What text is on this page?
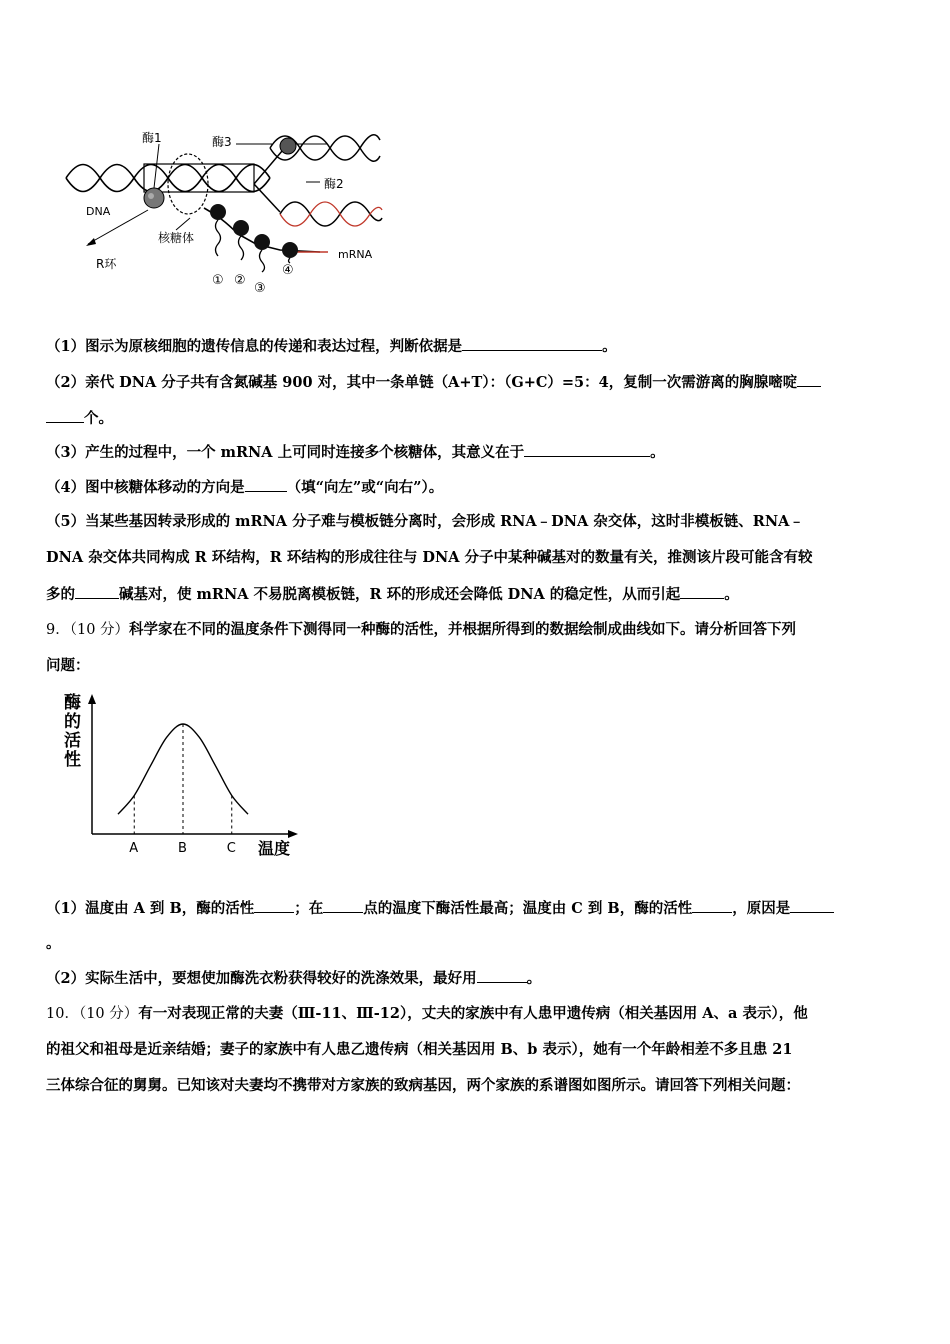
酶1	酶3
酶2
DNA
核糖体
R环
mRNA
① ②
③
④
（1）图示为原核细胞的遗传信息的传递和表达过程，判断依据是	。
（2）亲代 DNA 分子共有含氮碱基 900 对，其中一条单链（A+T）：（G+C）=5：4，复制一次需游离的胸腺嘧啶
个。
（3）产生的过程中，一个 mRNA 上可同时连接多个核糖体，其意义在于	。
（4）图中核糖体移动的方向是	（填“向左”或“向右”）。
（5）当某些基因转录形成的 mRNA 分子难与模板链分离时，会形成 RNA﹣DNA 杂交体，这时非模板链、RNA﹣
DNA 杂交体共同构成 R 环结构，R 环结构的形成往往与 DNA 分子中某种碱基对的数量有关，推测该片段可能含有较
多的	碱基对，使 mRNA 不易脱离模板链，R 环的形成还会降低 DNA 的稳定性，从而引起	。
9．（10 分）科学家在不同的温度条件下测得同一种酶的活性，并根据所得到的数据绘制成曲线如下。请分析回答下列
问题：
酶
的
活
性
温度
A	B	C
（1）温度由 A 到 B，酶的活性	；在	点的温度下酶活性最高；温度由 C 到 B，酶的活性	，原因是
。
（2）实际生活中，要想使加酶洗衣粉获得较好的洗涤效果，最好用	。
10．（10 分）有一对表现正常的夫妻（Ⅲ-11、Ⅲ-12），丈夫的家族中有人患甲遗传病（相关基因用 A、a 表示），他
的祖父和祖母是近亲结婚；妻子的家族中有人患乙遗传病（相关基因用 B、b 表示），她有一个年龄相差不多且患 21
三体综合征的舅舅。已知该对夫妻均不携带对方家族的致病基因，两个家族的系谱图如图所示。请回答下列相关问题：
